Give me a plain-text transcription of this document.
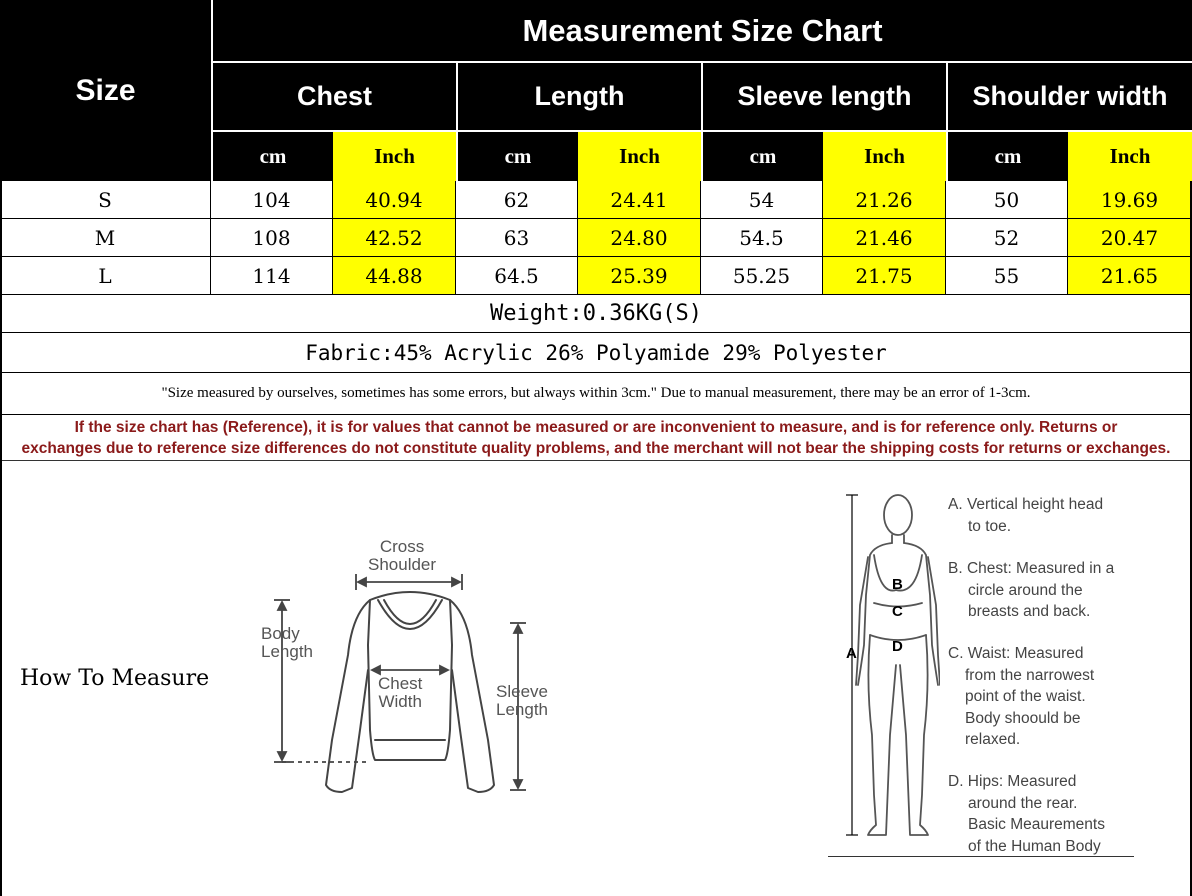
Size
Measurement Size Chart
Chest	Length	Sleeve length	Shoulder width
cm	Inch	cm	Inch	cm	Inch	cm	Inch
S	104	40.94	62	24.41	54	21.26	50	19.69
M	108	42.52	63	24.80	54.5	21.46	52	20.47
L	114	44.88	64.5	25.39	55.25	21.75	55	21.65
Weight:0.36KG(S)
Fabric:45% Acrylic 26% Polyamide 29% Polyester
"Size measured by ourselves, sometimes has some errors, but always within 3cm." Due to manual measurement, there may be an error of 1-3cm.
If the size chart has (Reference), it is for values that cannot be measured or are inconvenient to measure, and is for reference only. Returns or
exchanges due to reference size differences do not constitute quality problems, and the merchant will not bear the shipping costs for returns or exchanges.
How To Measure
Cross
Shoulder
Body
Length
Chest
Width
Sleeve
Length
A
B
C
D
A. Vertical height head
to toe.
B. Chest: Measured in a
circle around the
breasts and back.
C. Waist: Measured
from the narrowest
point of the waist.
Body shoould be
relaxed.
D. Hips: Measured
around the rear.
Basic Meaurements
of the Human Body
